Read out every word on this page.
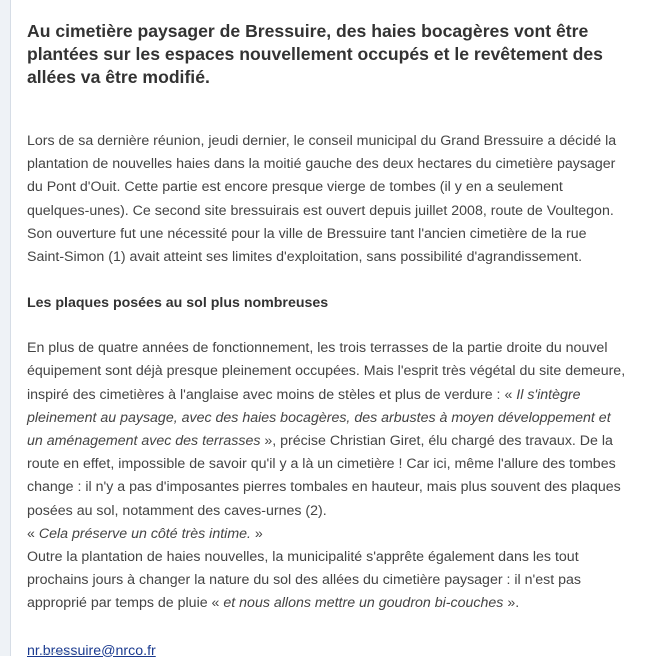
Au cimetière paysager de Bressuire, des haies bocagères vont être plantées sur les espaces nouvellement occupés et le revêtement des allées va être modifié.

Lors de sa dernière réunion, jeudi dernier, le conseil municipal du Grand Bressuire a décidé la plantation de nouvelles haies dans la moitié gauche des deux hectares du cimetière paysager du Pont d'Ouit. Cette partie est encore presque vierge de tombes (il y en a seulement quelques-unes). Ce second site bressuirais est ouvert depuis juillet 2008, route de Voultegon. Son ouverture fut une nécessité pour la ville de Bressuire tant l'ancien cimetière de la rue Saint-Simon (1) avait atteint ses limites d'exploitation, sans possibilité d'agrandissement.

Les plaques posées au sol plus nombreuses

En plus de quatre années de fonctionnement, les trois terrasses de la partie droite du nouvel équipement sont déjà presque pleinement occupées. Mais l'esprit très végétal du site demeure, inspiré des cimetières à l'anglaise avec moins de stèles et plus de verdure : « Il s'intègre pleinement au paysage, avec des haies bocagères, des arbustes à moyen développement et un aménagement avec des terrasses », précise Christian Giret, élu chargé des travaux. De la route en effet, impossible de savoir qu'il y a là un cimetière ! Car ici, même l'allure des tombes change : il n'y a pas d'imposantes pierres tombales en hauteur, mais plus souvent des plaques posées au sol, notamment des caves-urnes (2).
« Cela préserve un côté très intime. »
Outre la plantation de haies nouvelles, la municipalité s'apprête également dans les tout prochains jours à changer la nature du sol des allées du cimetière paysager : il n'est pas approprié par temps de pluie « et nous allons mettre un goudron bi-couches ».

nr.bressuire@nrco.fr
